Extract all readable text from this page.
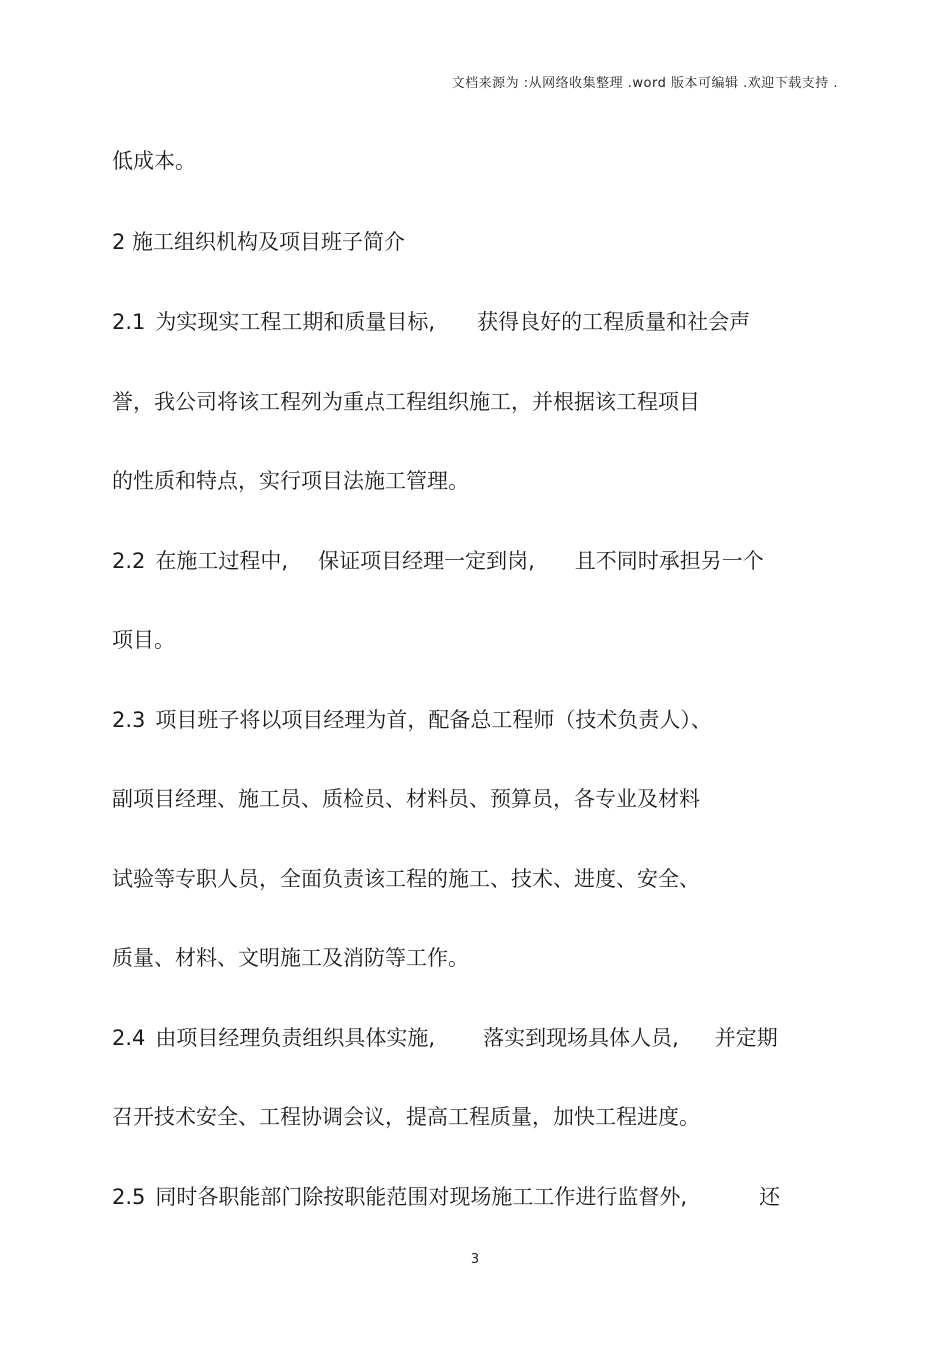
文档来源为 :从网络收集整理 .word 版本可编辑 .欢迎下载支持 .
低成本。
2 施工组织机构及项目班子简介
2.1 为实现实工程工期和质量目标, 获得良好的工程质量和社会声
誉，我公司将该工程列为重点工程组织施工，并根据该工程项目
的性质和特点，实行项目法施工管理。
2.2 在施工过程中, 保证项目经理一定到岗, 且不同时承担另一个
项目。
2.3 项目班子将以项目经理为首，配备总工程师（技术负责人）、
副项目经理、施工员、质检员、材料员、预算员，各专业及材料
试验等专职人员，全面负责该工程的施工、技术、进度、安全、
质量、材料、文明施工及消防等工作。
2.4 由项目经理负责组织具体实施, 落实到现场具体人员, 并定期
召开技术安全、工程协调会议，提高工程质量，加快工程进度。
2.5 同时各职能部门除按职能范围对现场施工工作进行监督外,	还
3
